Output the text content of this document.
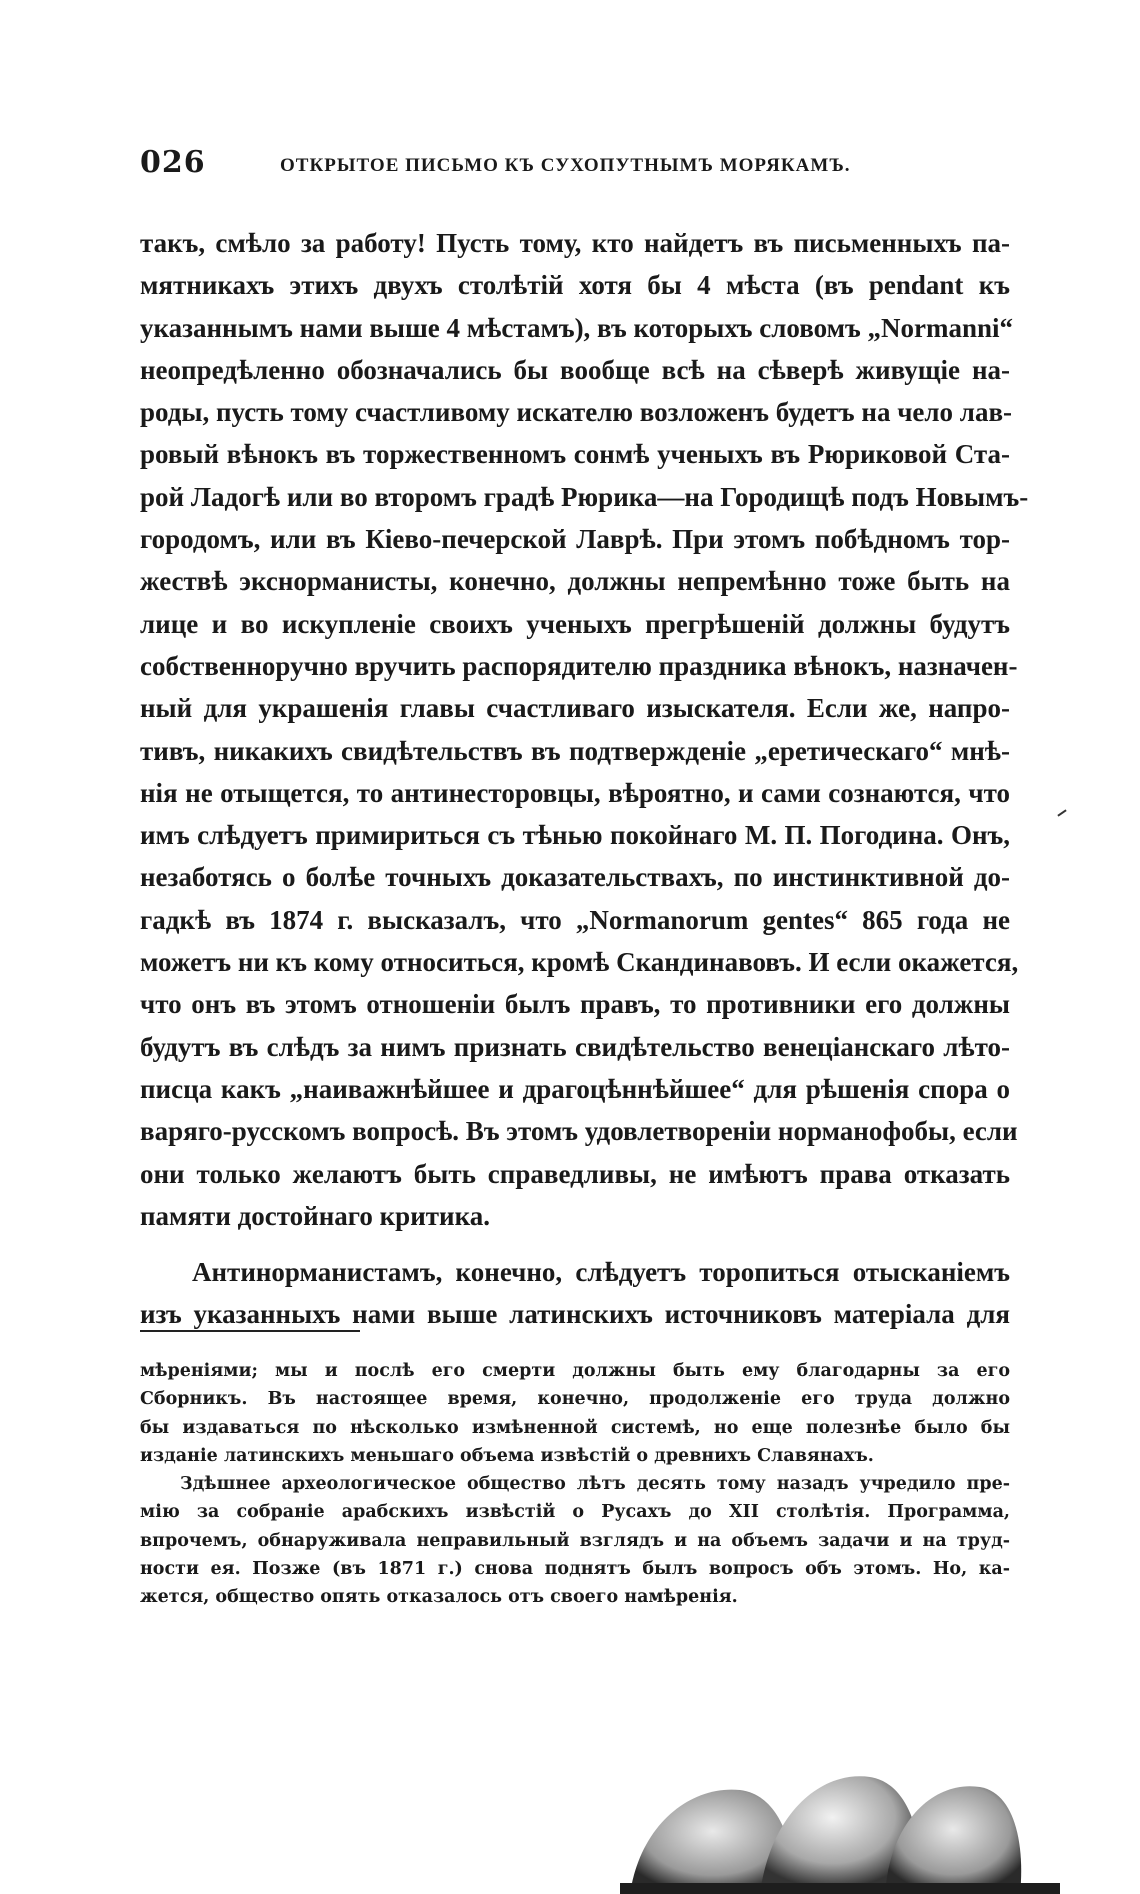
026	ОТКРЫТОЕ ПИСЬМО КЪ СУХОПУТНЫМЪ МОРЯКАМЪ.
такъ, смѣло за работу! Пусть тому, кто найдетъ въ письменныхъ па-
мятникахъ этихъ двухъ столѣтій хотя бы 4 мѣста (въ pendant къ
указаннымъ нами выше 4 мѣстамъ), въ которыхъ словомъ „Normanni“
неопредѣленно обозначались бы вообще всѣ на сѣверѣ живущіе на-
роды, пусть тому счастливому искателю возложенъ будетъ на чело лав-
ровый вѣнокъ въ торжественномъ сонмѣ ученыхъ въ Рюриковой Ста-
рой Ладогѣ или во второмъ градѣ Рюрика—на Городищѣ подъ Новымъ-
городомъ, или въ Кіево-печерской Лаврѣ. При этомъ побѣдномъ тор-
жествѣ экснорманисты, конечно, должны непремѣнно тоже быть на
лице и во искупленіе своихъ ученыхъ прегрѣшеній должны будутъ
собственноручно вручить распорядителю праздника вѣнокъ, назначен-
ный для украшенія главы счастливаго изыскателя. Если же, напро-
тивъ, никакихъ свидѣтельствъ въ подтвержденіе „еретическаго“ мнѣ-
нія не отыщется, то антинесторовцы, вѣроятно, и сами сознаются, что
имъ слѣдуетъ примириться съ тѣнью покойнаго М. П. Погодина. Онъ,
незаботясь о болѣе точныхъ доказательствахъ, по инстинктивной до-
гадкѣ въ 1874 г. высказалъ, что „Normanorum gentes“ 865 года не
можетъ ни къ кому относиться, кромѣ Скандинавовъ. И если окажется,
что онъ въ этомъ отношеніи былъ правъ, то противники его должны
будутъ въ слѣдъ за нимъ признать свидѣтельство венеціанскаго лѣто-
писца какъ „наиважнѣйшее и драгоцѣннѣйшее“ для рѣшенія спора о
варяго-русскомъ вопросѣ. Въ этомъ удовлетвореніи норманофобы, если
они только желаютъ быть справедливы, не имѣютъ права отказать
памяти достойнаго критика.
Антинорманистамъ, конечно, слѣдуетъ торопиться отысканіемъ
изъ указанныхъ нами выше латинскихъ источниковъ матеріала для
мѣреніями; мы и послѣ его смерти должны быть ему благодарны за его
Сборникъ. Въ настоящее время, конечно, продолженіе его труда должно
бы издаваться по нѣсколько измѣненной системѣ, но еще полезнѣе было бы
изданіе латинскихъ меньшаго объема извѣстій о древнихъ Славянахъ.
Здѣшнее археологическое общество лѣтъ десять тому назадъ учредило пре-
мію за собраніе арабскихъ извѣстій о Русахъ до XII столѣтія. Программа,
впрочемъ, обнаруживала неправильный взглядъ и на объемъ задачи и на труд-
ности ея. Позже (въ 1871 г.) снова поднятъ былъ вопросъ объ этомъ. Но, ка-
жется, общество опять отказалось отъ своего намѣренія.
